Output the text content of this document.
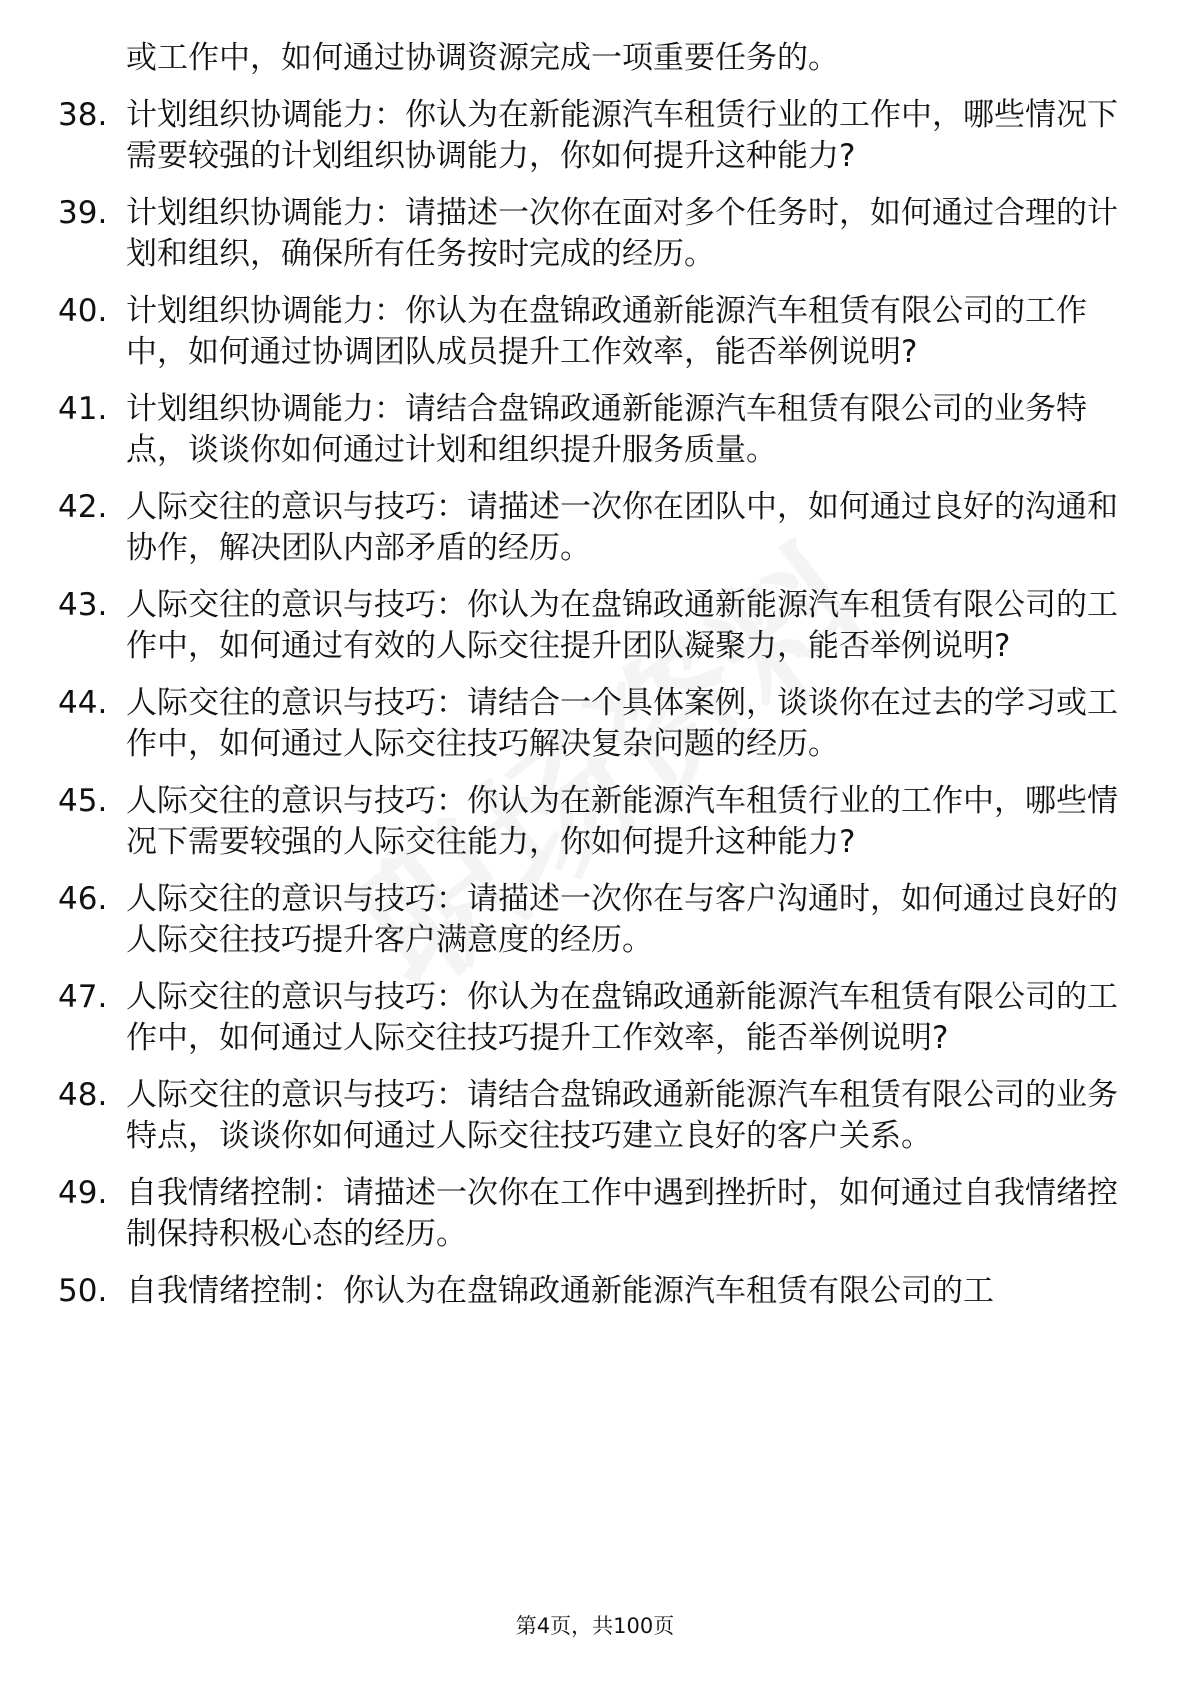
或工作中，如何通过协调资源完成一项重要任务的。
38. 计划组织协调能力：你认为在新能源汽车租赁行业的工作中，哪些情况下需要较强的计划组织协调能力，你如何提升这种能力?
39. 计划组织协调能力：请描述一次你在面对多个任务时，如何通过合理的计划和组织，确保所有任务按时完成的经历。
40. 计划组织协调能力：你认为在盘锦政通新能源汽车租赁有限公司的工作中，如何通过协调团队成员提升工作效率，能否举例说明?
41. 计划组织协调能力：请结合盘锦政通新能源汽车租赁有限公司的业务特点，谈谈你如何通过计划和组织提升服务质量。
42. 人际交往的意识与技巧：请描述一次你在团队中，如何通过良好的沟通和协作，解决团队内部矛盾的经历。
43. 人际交往的意识与技巧：你认为在盘锦政通新能源汽车租赁有限公司的工作中，如何通过有效的人际交往提升团队凝聚力，能否举例说明?
44. 人际交往的意识与技巧：请结合一个具体案例，谈谈你在过去的学习或工作中，如何通过人际交往技巧解决复杂问题的经历。
45. 人际交往的意识与技巧：你认为在新能源汽车租赁行业的工作中，哪些情况下需要较强的人际交往能力，你如何提升这种能力?
46. 人际交往的意识与技巧：请描述一次你在与客户沟通时，如何通过良好的人际交往技巧提升客户满意度的经历。
47. 人际交往的意识与技巧：你认为在盘锦政通新能源汽车租赁有限公司的工作中，如何通过人际交往技巧提升工作效率，能否举例说明?
48. 人际交往的意识与技巧：请结合盘锦政通新能源汽车租赁有限公司的业务特点，谈谈你如何通过人际交往技巧建立良好的客户关系。
49. 自我情绪控制：请描述一次你在工作中遇到挫折时，如何通过自我情绪控制保持积极心态的经历。
50. 自我情绪控制：你认为在盘锦政通新能源汽车租赁有限公司的工
第4页，共100页
